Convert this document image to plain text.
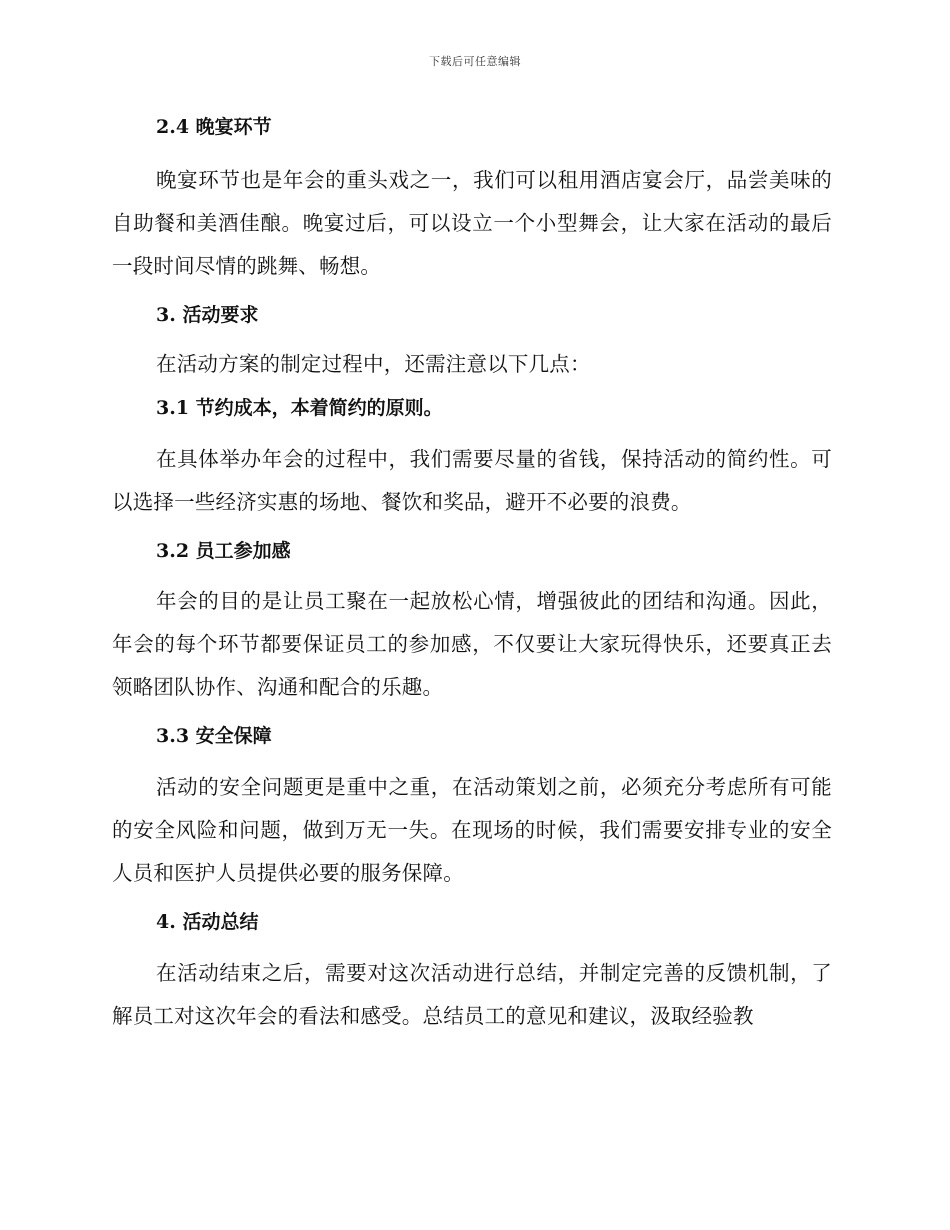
下载后可任意编辑
2.4 晚宴环节

晚宴环节也是年会的重头戏之一，我们可以租用酒店宴会厅，品尝美味的自助餐和美酒佳酿。晚宴过后，可以设立一个小型舞会，让大家在活动的最后一段时间尽情的跳舞、畅想。

3. 活动要求

在活动方案的制定过程中，还需注意以下几点：

3.1 节约成本，本着简约的原则。

在具体举办年会的过程中，我们需要尽量的省钱，保持活动的简约性。可以选择一些经济实惠的场地、餐饮和奖品，避开不必要的浪费。

3.2 员工参加感

年会的目的是让员工聚在一起放松心情，增强彼此的团结和沟通。因此，年会的每个环节都要保证员工的参加感，不仅要让大家玩得快乐，还要真正去领略团队协作、沟通和配合的乐趣。

3.3 安全保障

活动的安全问题更是重中之重，在活动策划之前，必须充分考虑所有可能的安全风险和问题，做到万无一失。在现场的时候，我们需要安排专业的安全人员和医护人员提供必要的服务保障。

4. 活动总结

在活动结束之后，需要对这次活动进行总结，并制定完善的反馈机制，了解员工对这次年会的看法和感受。总结员工的意见和建议，汲取经验教
